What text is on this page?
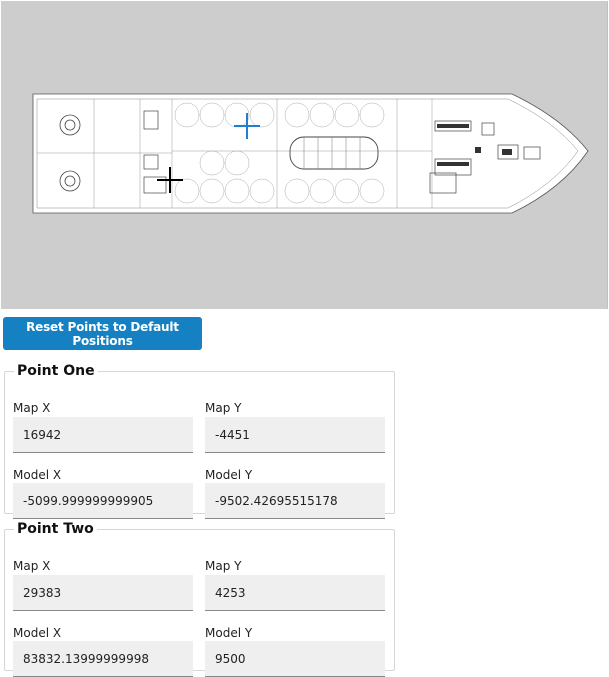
Reset Points to Default Positions
Point One
Map X
16942	Map Y
-4451
Model X
-5099.999999999905	Model Y
-9502.42695515178
Point Two
Map X
29383	Map Y
4253
Model X
83832.13999999998	Model Y
9500
